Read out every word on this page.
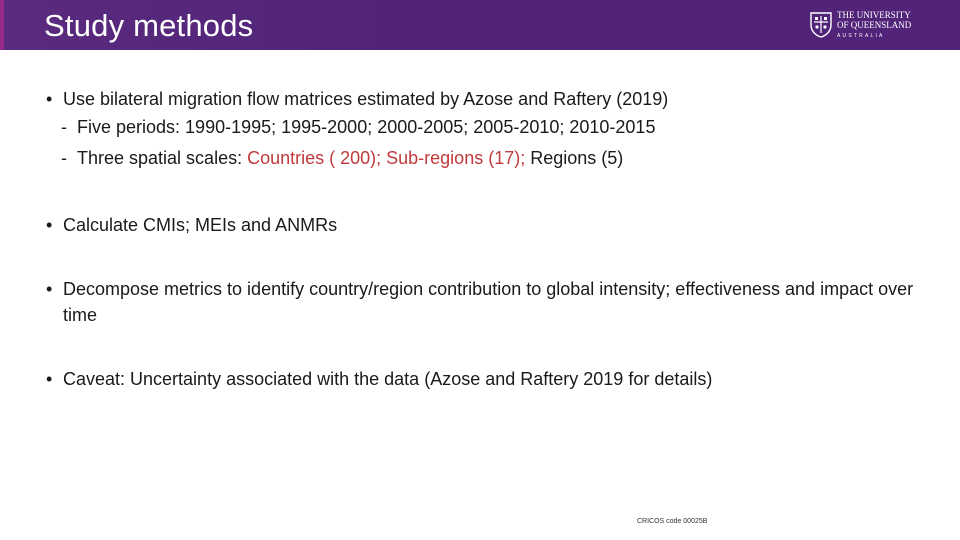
Study methods	THE UNIVERSITY
OF QUEENSLAND
AUSTRALIA
• Use bilateral migration flow matrices estimated by Azose and Raftery (2019)
- Five periods: 1990-1995; 1995-2000; 2000-2005; 2005-2010; 2010-2015
- Three spatial scales: Countries ( 200); Sub-regions (17); Regions (5)
• Calculate CMIs; MEIs and ANMRs
• Decompose metrics to identify country/region contribution to global intensity; effectiveness and impact over time
• Caveat: Uncertainty associated with the data (Azose and Raftery 2019 for details)
CRICOS code 00025B
